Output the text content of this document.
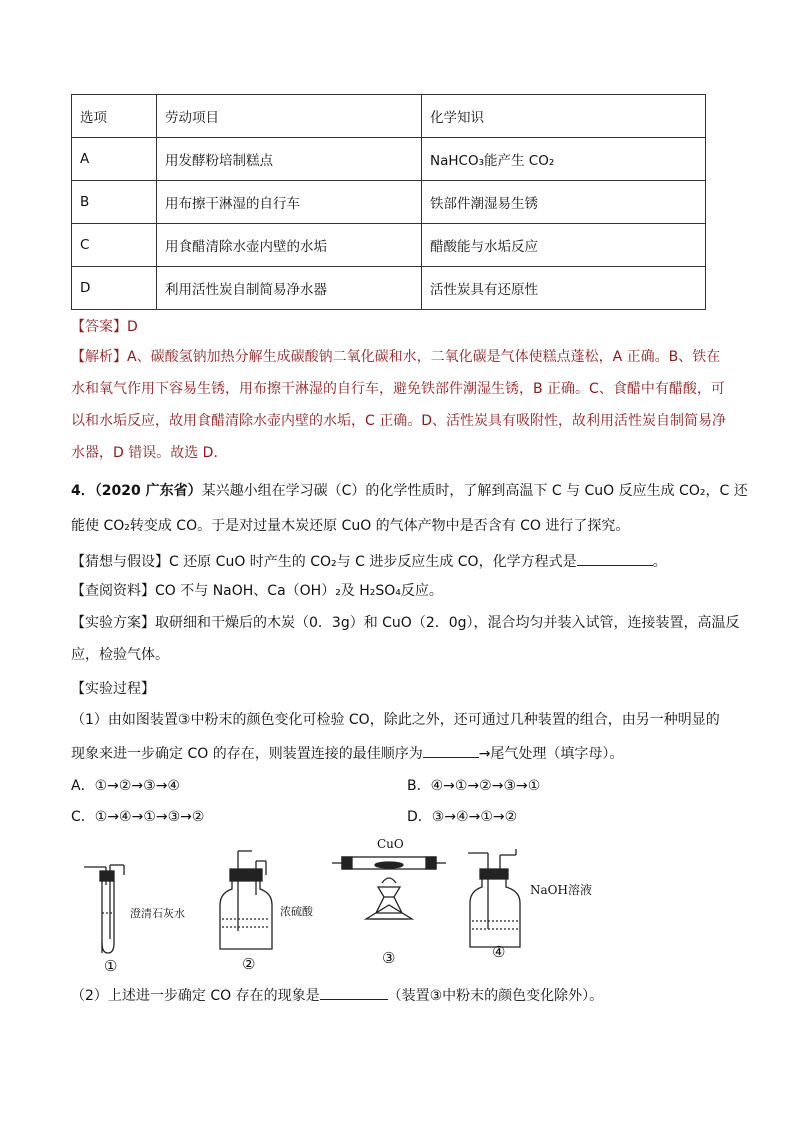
选项	劳动项目	化学知识
A	用发酵粉培制糕点	NaHCO₃能产生 CO₂
B	用布擦干淋湿的自行车	铁部件潮湿易生锈
C	用食醋清除水壶内壁的水垢	醋酸能与水垢反应
D	利用活性炭自制简易净水器	活性炭具有还原性
【答案】D
【解析】A、碳酸氢钠加热分解生成碳酸钠二氧化碳和水，二氧化碳是气体使糕点蓬松，A 正确。B、铁在
水和氧气作用下容易生锈，用布擦干淋湿的自行车，避免铁部件潮湿生锈，B 正确。C、食醋中有醋酸，可
以和水垢反应，故用食醋清除水壶内壁的水垢，C 正确。D、活性炭具有吸附性，故利用活性炭自制简易净
水器，D 错误。故选 D．
4．（2020 广东省）某兴趣小组在学习碳（C）的化学性质时，了解到高温下 C 与 CuO 反应生成 CO₂，C 还
能使 CO₂转变成 CO。于是对过量木炭还原 CuO 的气体产物中是否含有 CO 进行了探究。
【猜想与假设】C 还原 CuO 时产生的 CO₂与 C 进步反应生成 CO，化学方程式是	。
【查阅资料】CO 不与 NaOH、Ca（OH）₂及 H₂SO₄反应。
【实验方案】取研细和干燥后的木炭（0．3g）和 CuO（2．0g），混合均匀并装入试管，连接装置，高温反
应，检验气体。
【实验过程】
（1）由如图装置③中粉末的颜色变化可检验 CO，除此之外，还可通过几种装置的组合，由另一种明显的
现象来进一步确定 CO 的存在，则装置连接的最佳顺序为	→尾气处理（填字母）。
A．①→②→③→④	B．④→①→②→③→①
C．①→④→①→③→②	D．③→④→①→②
澄清石灰水	浓硫酸
CuO
NaOH溶液
①	②	③	④
（2）上述进一步确定 CO 存在的现象是	（装置③中粉末的颜色变化除外）。
